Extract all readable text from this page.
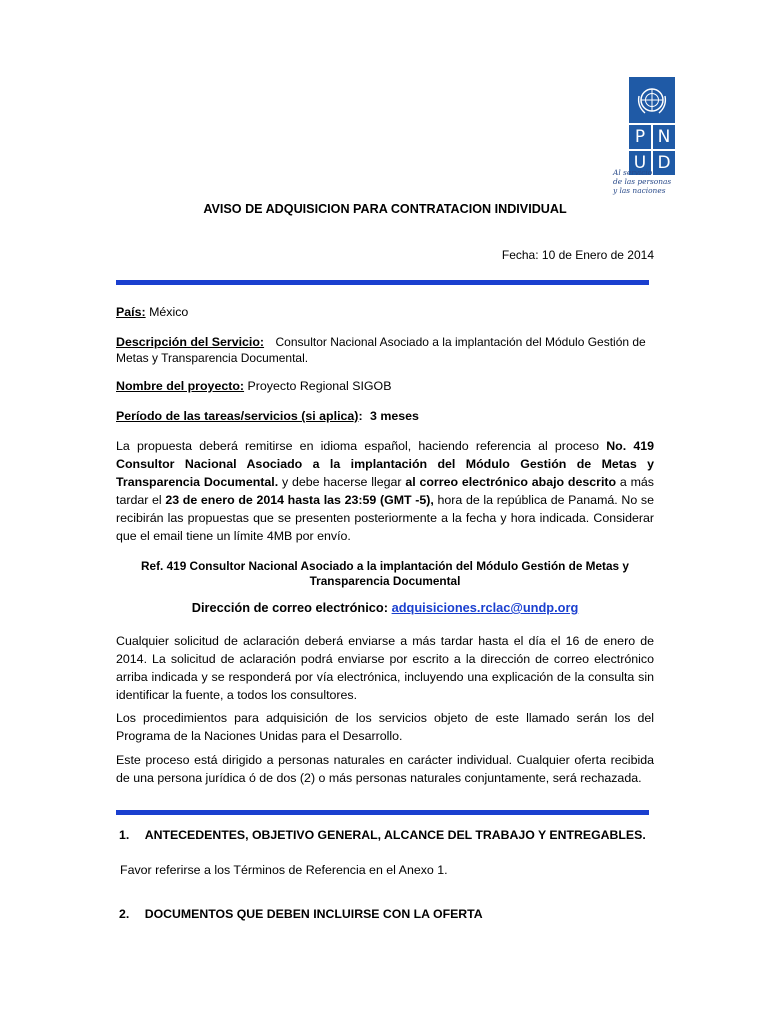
P N
U D
Al servicio
de las personas
y las naciones
AVISO DE ADQUISICION PARA CONTRATACION INDIVIDUAL
Fecha: 10 de Enero de 2014
País: México
Descripción del Servicio: Consultor Nacional Asociado a la implantación del Módulo Gestión de Metas y Transparencia Documental.
Nombre del proyecto: Proyecto Regional SIGOB
Período de las tareas/servicios (si aplica): 3 meses
La propuesta deberá remitirse en idioma español, haciendo referencia al proceso No. 419 Consultor Nacional Asociado a la implantación del Módulo Gestión de Metas y Transparencia Documental. y debe hacerse llegar al correo electrónico abajo descrito a más tardar el 23 de enero de 2014 hasta las 23:59 (GMT -5), hora de la república de Panamá. No se recibirán las propuestas que se presenten posteriormente a la fecha y hora indicada. Considerar que el email tiene un límite 4MB por envío.
Ref. 419 Consultor Nacional Asociado a la implantación del Módulo Gestión de Metas y
Transparencia Documental
Dirección de correo electrónico: adquisiciones.rclac@undp.org
Cualquier solicitud de aclaración deberá enviarse a más tardar hasta el día el 16 de enero de 2014. La solicitud de aclaración podrá enviarse por escrito a la dirección de correo electrónico arriba indicada y se responderá por vía electrónica, incluyendo una explicación de la consulta sin identificar la fuente, a todos los consultores.
Los procedimientos para adquisición de los servicios objeto de este llamado serán los del Programa de la Naciones Unidas para el Desarrollo.
Este proceso está dirigido a personas naturales en carácter individual. Cualquier oferta recibida de una persona jurídica ó de dos (2) o más personas naturales conjuntamente, será rechazada.
1. ANTECEDENTES, OBJETIVO GENERAL, ALCANCE DEL TRABAJO Y ENTREGABLES.
Favor referirse a los Términos de Referencia en el Anexo 1.
2. DOCUMENTOS QUE DEBEN INCLUIRSE CON LA OFERTA
